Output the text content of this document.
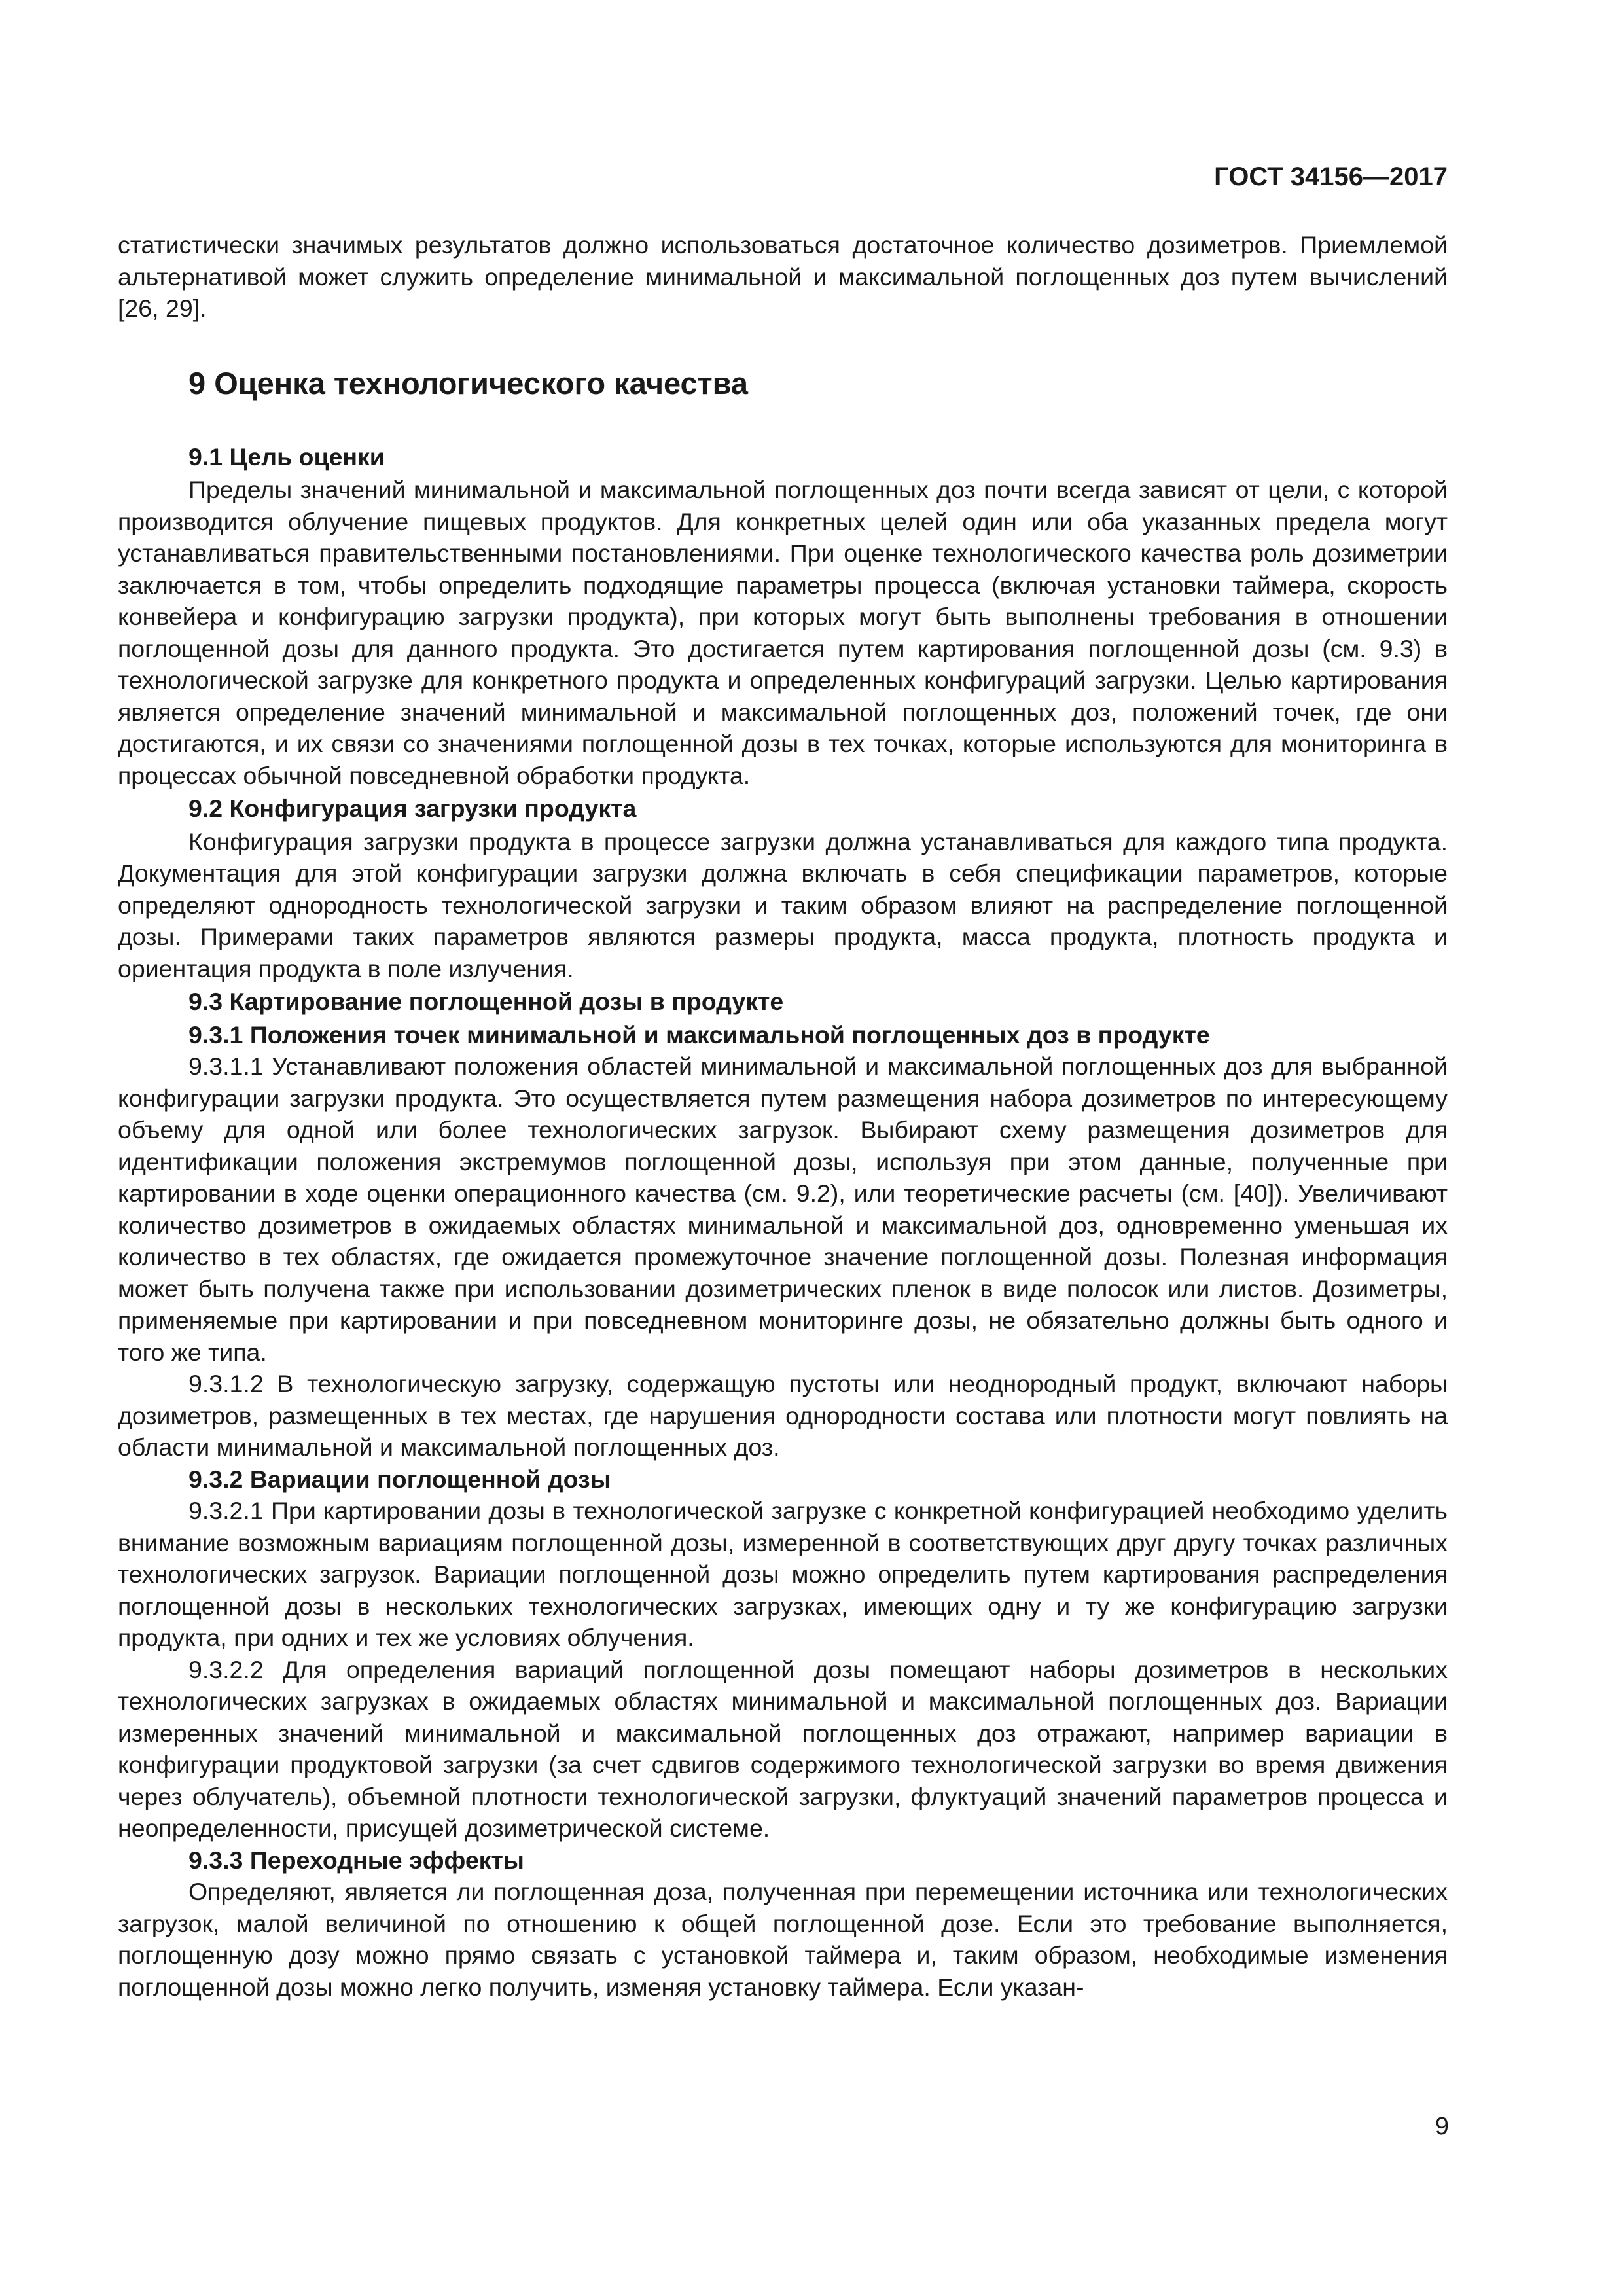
ГОСТ 34156—2017

статистически значимых результатов должно использоваться достаточное количество дозиметров. Приемлемой альтернативой может служить определение минимальной и максимальной поглощенных доз путем вычислений [26, 29].

9 Оценка технологического качества
9.1 Цель оценки

Пределы значений минимальной и максимальной поглощенных доз почти всегда зависят от цели, с которой производится облучение пищевых продуктов. Для конкретных целей один или оба указанных предела могут устанавливаться правительственными постановлениями. При оценке технологического качества роль дозиметрии заключается в том, чтобы определить подходящие параметры процесса (включая установки таймера, скорость конвейера и конфигурацию загрузки продукта), при которых могут быть выполнены требования в отношении поглощенной дозы для данного продукта. Это достигается путем картирования поглощенной дозы (см. 9.3) в технологической загрузке для конкретного продукта и определенных конфигураций загрузки. Целью картирования является определение значений минимальной и максимальной поглощенных доз, положений точек, где они достигаются, и их связи со значениями поглощенной дозы в тех точках, которые используются для мониторинга в процессах обычной повседневной обработки продукта.

9.2 Конфигурация загрузки продукта

Конфигурация загрузки продукта в процессе загрузки должна устанавливаться для каждого типа продукта. Документация для этой конфигурации загрузки должна включать в себя спецификации параметров, которые определяют однородность технологической загрузки и таким образом влияют на распределение поглощенной дозы. Примерами таких параметров являются размеры продукта, масса продукта, плотность продукта и ориентация продукта в поле излучения.

9.3 Картирование поглощенной дозы в продукте
9.3.1 Положения точек минимальной и максимальной поглощенных доз в продукте

9.3.1.1 Устанавливают положения областей минимальной и максимальной поглощенных доз для выбранной конфигурации загрузки продукта. Это осуществляется путем размещения набора дозиметров по интересующему объему для одной или более технологических загрузок. Выбирают схему размещения дозиметров для идентификации положения экстремумов поглощенной дозы, используя при этом данные, полученные при картировании в ходе оценки операционного качества (см. 9.2), или теоретические расчеты (см. [40]). Увеличивают количество дозиметров в ожидаемых областях минимальной и максимальной доз, одновременно уменьшая их количество в тех областях, где ожидается промежуточное значение поглощенной дозы. Полезная информация может быть получена также при использовании дозиметрических пленок в виде полосок или листов. Дозиметры, применяемые при картировании и при повседневном мониторинге дозы, не обязательно должны быть одного и того же типа.

9.3.1.2 В технологическую загрузку, содержащую пустоты или неоднородный продукт, включают наборы дозиметров, размещенных в тех местах, где нарушения однородности состава или плотности могут повлиять на области минимальной и максимальной поглощенных доз.

9.3.2 Вариации поглощенной дозы

9.3.2.1 При картировании дозы в технологической загрузке с конкретной конфигурацией необходимо уделить внимание возможным вариациям поглощенной дозы, измеренной в соответствующих друг другу точках различных технологических загрузок. Вариации поглощенной дозы можно определить путем картирования распределения поглощенной дозы в нескольких технологических загрузках, имеющих одну и ту же конфигурацию загрузки продукта, при одних и тех же условиях облучения.

9.3.2.2 Для определения вариаций поглощенной дозы помещают наборы дозиметров в нескольких технологических загрузках в ожидаемых областях минимальной и максимальной поглощенных доз. Вариации измеренных значений минимальной и максимальной поглощенных доз отражают, например вариации в конфигурации продуктовой загрузки (за счет сдвигов содержимого технологической загрузки во время движения через облучатель), объемной плотности технологической загрузки, флуктуаций значений параметров процесса и неопределенности, присущей дозиметрической системе.

9.3.3 Переходные эффекты

Определяют, является ли поглощенная доза, полученная при перемещении источника или технологических загрузок, малой величиной по отношению к общей поглощенной дозе. Если это требование выполняется, поглощенную дозу можно прямо связать с установкой таймера и, таким образом, необходимые изменения поглощенной дозы можно легко получить, изменяя установку таймера. Если указан-

9
